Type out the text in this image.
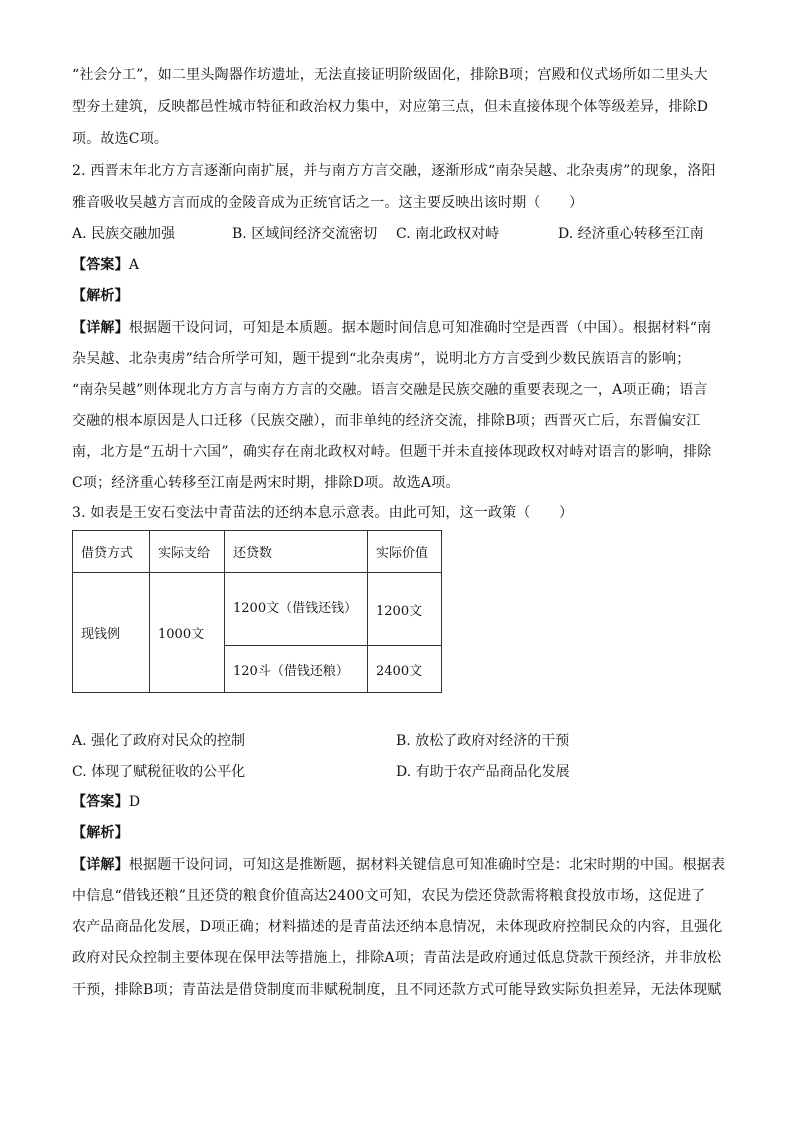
“社会分工”，如二里头陶器作坊遗址，无法直接证明阶级固化，排除B项；宫殿和仪式场所如二里头大
型夯土建筑，反映都邑性城市特征和政治权力集中，对应第三点，但未直接体现个体等级差异，排除D
项。故选C项。
2. 西晋末年北方方言逐渐向南扩展，并与南方方言交融，逐渐形成“南杂吴越、北杂夷虏”的现象，洛阳
雅音吸收吴越方言而成的金陵音成为正统官话之一。这主要反映出该时期（　　）
A. 民族交融加强	B. 区域间经济交流密切 C. 南北政权对峙	D. 经济重心转移至江南
【答案】A
【解析】
【详解】根据题干设问词，可知是本质题。据本题时间信息可知准确时空是西晋（中国）。根据材料“南
杂吴越、北杂夷虏”结合所学可知，题干提到“北杂夷虏”，说明北方方言受到少数民族语言的影响；
“南杂吴越”则体现北方方言与南方方言的交融。语言交融是民族交融的重要表现之一，A项正确；语言
交融的根本原因是人口迁移（民族交融），而非单纯的经济交流，排除B项；西晋灭亡后，东晋偏安江
南，北方是“五胡十六国”，确实存在南北政权对峙。但题干并未直接体现政权对峙对语言的影响，排除
C项；经济重心转移至江南是两宋时期，排除D项。故选A项。
3. 如表是王安石变法中青苗法的还纳本息示意表。由此可知，这一政策（　　）
借贷方式	实际支给	还贷数	实际价值
现钱例	1000文	1200文（借钱还钱）	1200文
		120斗（借钱还粮）	2400文
A. 强化了政府对民众的控制	B. 放松了政府对经济的干预
C. 体现了赋税征收的公平化	D. 有助于农产品商品化发展
【答案】D
【解析】
【详解】根据题干设问词，可知这是推断题，据材料关键信息可知准确时空是：北宋时期的中国。根据表
中信息“借钱还粮”且还贷的粮食价值高达2400文可知，农民为偿还贷款需将粮食投放市场，这促进了
农产品商品化发展，D项正确；材料描述的是青苗法还纳本息情况，未体现政府控制民众的内容，且强化
政府对民众控制主要体现在保甲法等措施上，排除A项；青苗法是政府通过低息贷款干预经济，并非放松
干预，排除B项；青苗法是借贷制度而非赋税制度，且不同还款方式可能导致实际负担差异，无法体现赋
